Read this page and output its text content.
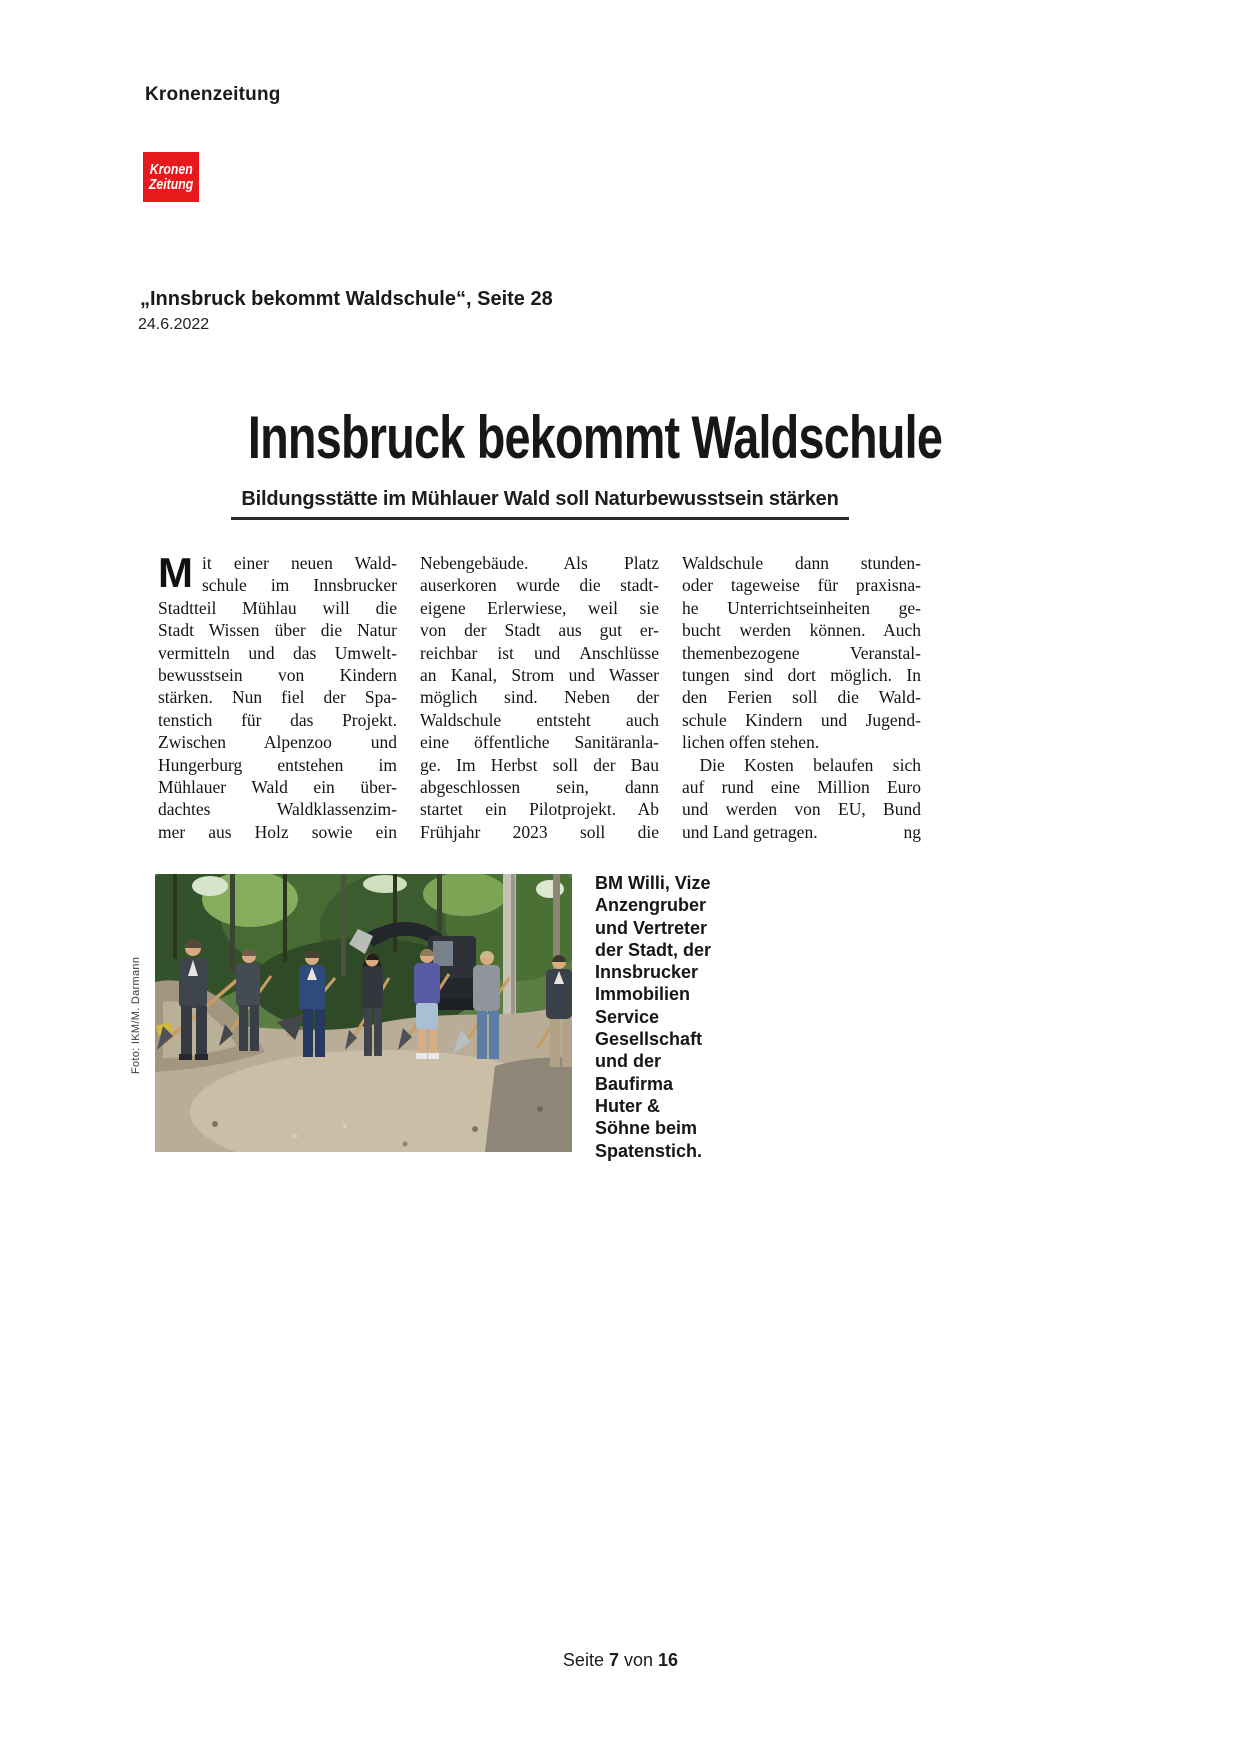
Kronenzeitung
Kronen
Zeitung
„Innsbruck bekommt Waldschule“, Seite 28
24.6.2022
Innsbruck bekommt Waldschule
Bildungsstätte im Mühlauer Wald soll Naturbewusstsein stärken
M it einer neuen Wald-
schule im Innsbrucker
Stadtteil Mühlau will die
Stadt Wissen über die Natur
vermitteln und das Umwelt-
bewusstsein von Kindern
stärken. Nun fiel der Spa-
tenstich für das Projekt.
Zwischen Alpenzoo und
Hungerburg entstehen im
Mühlauer Wald ein über-
dachtes Waldklassenzim-
mer aus Holz sowie ein
Nebengebäude. Als Platz
auserkoren wurde die stadt-
eigene Erlerwiese, weil sie
von der Stadt aus gut er-
reichbar ist und Anschlüsse
an Kanal, Strom und Wasser
möglich sind. Neben der
Waldschule entsteht auch
eine öffentliche Sanitäranla-
ge. Im Herbst soll der Bau
abgeschlossen sein, dann
startet ein Pilotprojekt. Ab
Frühjahr 2023 soll die
Waldschule dann stunden-
oder tageweise für praxisna-
he Unterrichtseinheiten ge-
bucht werden können. Auch
themenbezogene Veranstal-
tungen sind dort möglich. In
den Ferien soll die Wald-
schule Kindern und Jugend-
lichen offen stehen.
 Die Kosten belaufen sich
auf rund eine Million Euro
und werden von EU, Bund
und Land getragen.	ng
Foto: IKM/M. Darmann
BM Willi, Vize
Anzengruber
und Vertreter
der Stadt, der
Innsbrucker
Immobilien
Service
Gesellschaft
und der
Baufirma
Huter &
Söhne beim
Spatenstich.
Seite 7 von 16
